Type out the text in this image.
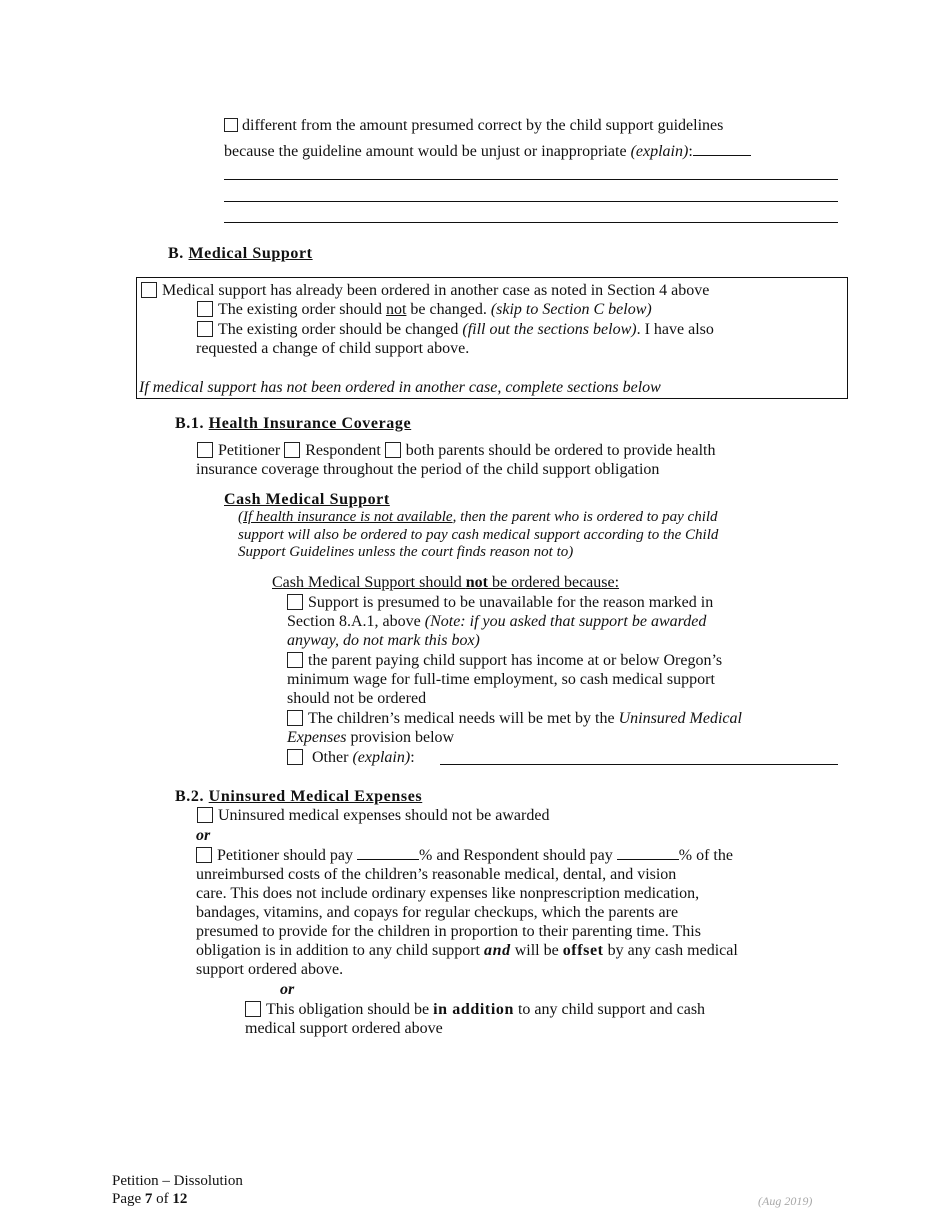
different from the amount presumed correct by the child support guidelines
because the guideline amount would be unjust or inappropriate (explain):
B. Medical Support
Medical support has already been ordered in another case as noted in Section 4 above
The existing order should not be changed. (skip to Section C below)
The existing order should be changed (fill out the sections below). I have also
requested a change of child support above.
If medical support has not been ordered in another case, complete sections below
B.1. Health Insurance Coverage
Petitioner Respondent both parents should be ordered to provide health
insurance coverage throughout the period of the child support obligation
Cash Medical Support
(If health insurance is not available, then the parent who is ordered to pay child
support will also be ordered to pay cash medical support according to the Child
Support Guidelines unless the court finds reason not to)
Cash Medical Support should not be ordered because:
Support is presumed to be unavailable for the reason marked in
Section 8.A.1, above (Note: if you asked that support be awarded
anyway, do not mark this box)
the parent paying child support has income at or below Oregon’s
minimum wage for full-time employment, so cash medical support
should not be ordered
The children’s medical needs will be met by the Uninsured Medical
Expenses provision below
Other (explain):
B.2. Uninsured Medical Expenses
Uninsured medical expenses should not be awarded
or
Petitioner should pay	% and Respondent should pay	% of the
unreimbursed costs of the children’s reasonable medical, dental, and vision
care. This does not include ordinary expenses like nonprescription medication,
bandages, vitamins, and copays for regular checkups, which the parents are
presumed to provide for the children in proportion to their parenting time. This
obligation is in addition to any child support and will be offset by any cash medical
support ordered above.
or
This obligation should be in addition to any child support and cash
medical support ordered above
Petition – Dissolution
Page 7 of 12	(Aug 2019)
